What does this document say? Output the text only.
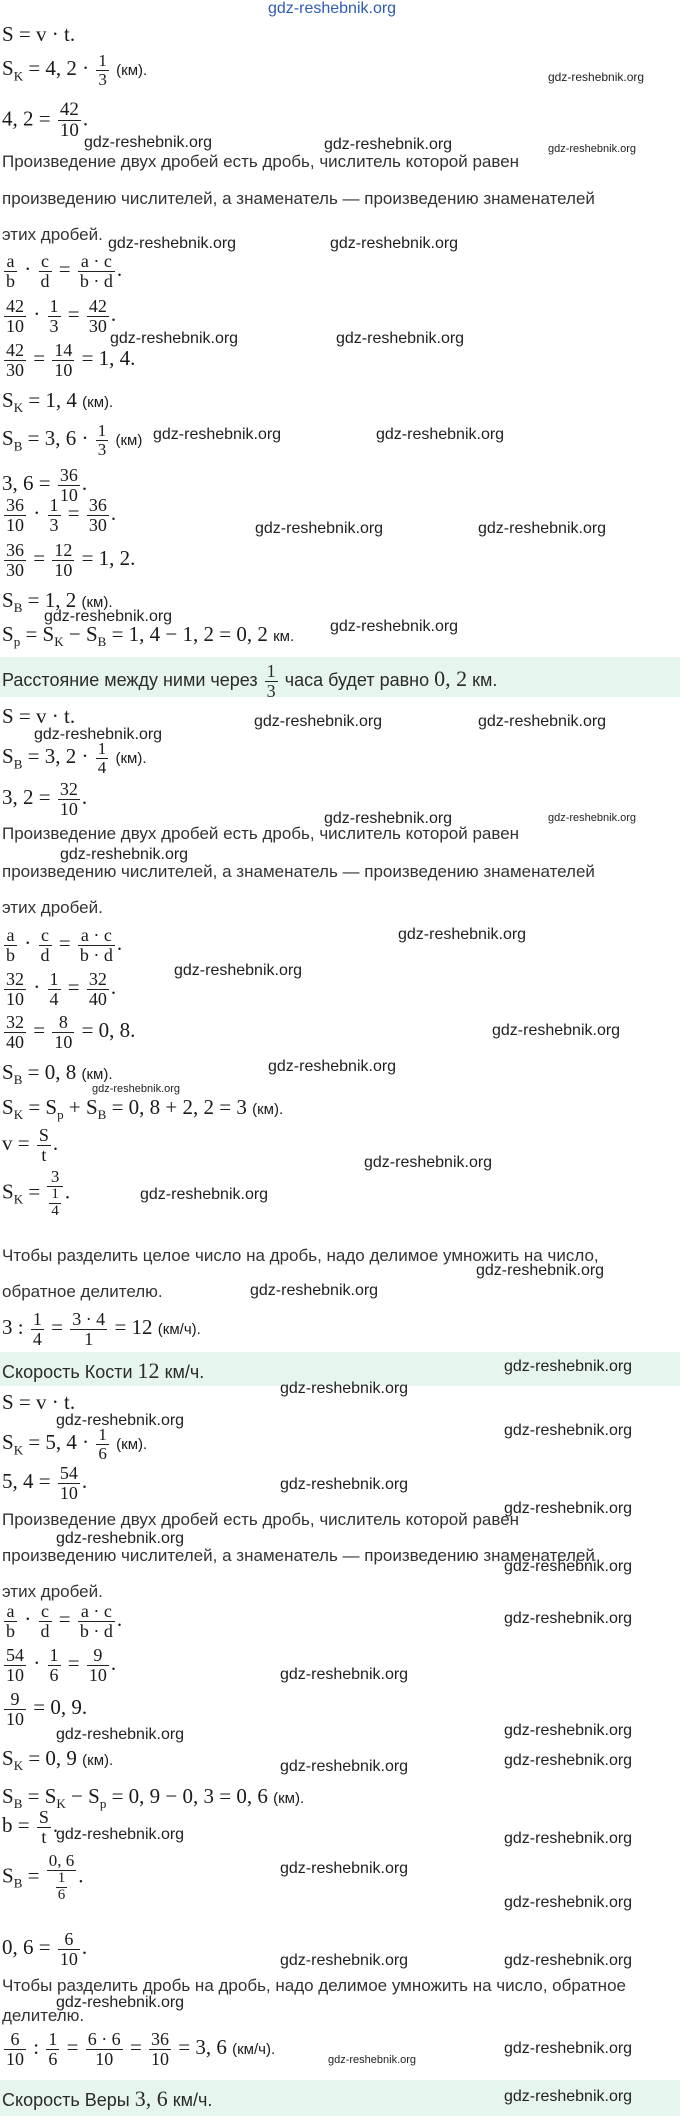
gdz-reshebnik.org
S = v · t.
$S_K = 4$, $2 \cdot \frac{1}{3} (км)$.	gdz-reshebnik.org
4, $2 = \frac{42}{10}$ .
gdz-reshebnik.org	gdz-reshebnik.org	gdz-reshebnik.org
Произведение двух дробей есть дробь, числитель которой равен
произведению числителей, а знаменатель — произведению знаменателей
этих дробей. gdz-reshebnik.org	gdz-reshebnik.org
$\frac{a}{b} \cdot \frac{c}{d} = \frac{a \cdot c}{b \cdot d}$ .
$\frac{42}{10} \cdot \frac{1}{3} = \frac{42}{30}$ .
gdz-reshebnik.org	gdz-reshebnik.org
$\frac{42}{30} = \frac{14}{10} = 1$, 4.
$S_K = 1$, 4 (км).
$S_B = 3$, $6 \cdot \frac{1}{3} (км)$ gdz-reshebnik.org	gdz-reshebnik.org
3, $6 = \frac{36}{10}$ .
$\frac{36}{10} \cdot \frac{1}{3} = \frac{36}{30}$ .
gdz-reshebnik.org	gdz-reshebnik.org
$\frac{36}{30} = \frac{12}{10} = 1$, 2.
$S_B = 1$, 2 (км).
gdz-reshebnik.org
gdz-reshebnik.org
$S_p = S_K - S_B = 1$, 4 − 1, 2 = 0, 2 км.
Расстояние между ними через $\frac{1}{3}$ часа будет равно 0, 2 км.
S = v · t.	gdz-reshebnik.org	gdz-reshebnik.org
gdz-reshebnik.org
$S_B = 3$, $2 \cdot \frac{1}{4} (км)$.
3, $2 = \frac{32}{10}$ .
gdz-reshebnik.org	gdz-reshebnik.org
Произведение двух дробей есть дробь, числитель которой равен
gdz-reshebnik.org
произведению числителей, а знаменатель — произведению знаменателей
этих дробей.
gdz-reshebnik.org
$\frac{a}{b} \cdot \frac{c}{d} = \frac{a \cdot c}{b \cdot d}$ .
gdz-reshebnik.org
$\frac{32}{10} \cdot \frac{1}{4} = \frac{32}{40}$ .
$\frac{32}{40} = \frac{8}{10} = 0$, 8.	gdz-reshebnik.org
$S_B = 0$, 8 (км).	gdz-reshebnik.org
gdz-reshebnik.org
$S_K = S_p + S_B = 0$, 8 + 2, 2 = 3 (км).
$v = \frac{S}{t}$ .
gdz-reshebnik.org
$S_K = \frac{3}{\frac{1}{4}}$ .	gdz-reshebnik.org
Чтобы разделить целое число на дробь, надо делимое умножить на число,
gdz-reshebnik.org
обратное делителю.	gdz-reshebnik.org
3 : $\frac{1}{4} = \frac{3 \cdot 4}{1} = 12$ (км/ч).
Скорость Кости 12 км/ч.	gdz-reshebnik.org
S = v · t.
gdz-reshebnik.org
gdz-reshebnik.org
$S_K = 5$, $4 \cdot \frac{1}{6} (км)$.
gdz-reshebnik.org
5, $4 = \frac{54}{10}$ .	gdz-reshebnik.org
gdz-reshebnik.org
Произведение двух дробей есть дробь, числитель которой равен
gdz-reshebnik.org
произведению числителей, а знаменатель — произведению знаменателей
gdz-reshebnik.org
этих дробей.
$\frac{a}{b} \cdot \frac{c}{d} = \frac{a \cdot c}{b \cdot d}$ .	gdz-reshebnik.org
gdz-reshebnik.org
$\frac{54}{10} \cdot \frac{1}{6} = \frac{9}{10}$ .
$\frac{9}{10} = 0$, 9.
gdz-reshebnik.org	gdz-reshebnik.org
$S_K = 0$, 9 (км).	gdz-reshebnik.org	gdz-reshebnik.org
$S_B = S_K - S_p = 0$, 9 − 0, 3 = 0, 6 (км).
$b = \frac{S}{t}$ .
gdz-reshebnik.org	gdz-reshebnik.org
$S_B = \frac{0, 6}{\frac{1}{6}}$ .	gdz-reshebnik.org
gdz-reshebnik.org
0, $6 = \frac{6}{10}$ .
gdz-reshebnik.org	gdz-reshebnik.org
Чтобы разделить дробь на дробь, надо делимое умножить на число, обратное
делителю.
gdz-reshebnik.org
$\frac{6}{10}$ : $\frac{1}{6} = \frac{6 \cdot 6}{10} = \frac{36}{10} = 3$, 6 (км/ч).
gdz-reshebnik.org
gdz-reshebnik.org
Скорость Веры 3, 6 км/ч.	gdz-reshebnik.org
